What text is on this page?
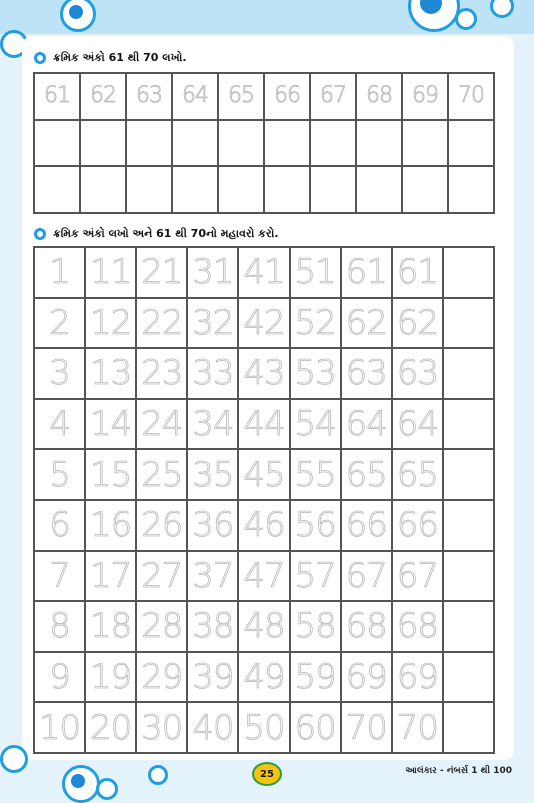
ક્રમિક અંકો 61 થી 70 લખો.
61 62 63 64 65 66 67 68 69 70
ક્રમિક અંકો લખો અને 61 થી 70નો મહાવરો કરો.
1 11 21 31 41 51 61 61
2 12 22 32 42 52 62 62
3 13 23 33 43 53 63 63
4 14 24 34 44 54 64 64
5 15 25 35 45 55 65 65
6 16 26 36 46 56 66 66
7 17 27 37 47 57 67 67
8 18 28 38 48 58 68 68
9 19 29 39 49 59 69 69
10 20 30 40 50 60 70 70
25	આલંકાર - નંબર્સ 1 થી 100
